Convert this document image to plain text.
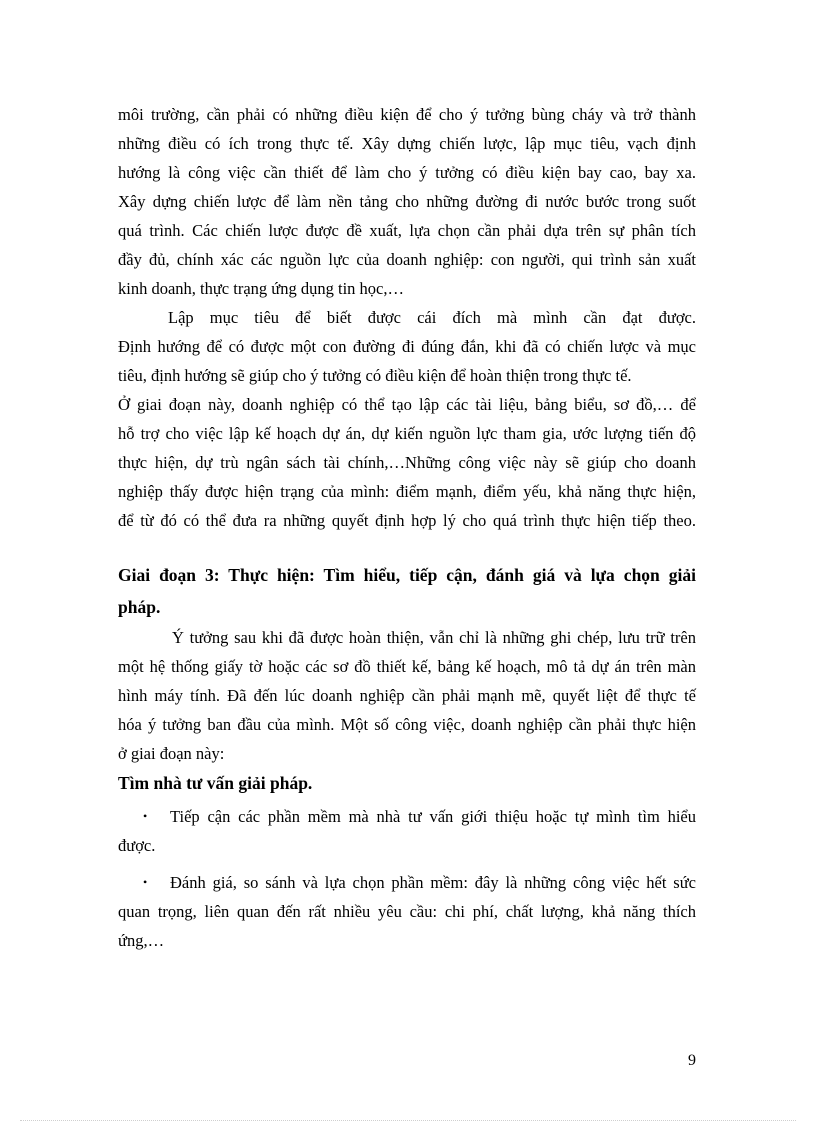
môi trường, cần phải có những điều kiện để cho ý tưởng bùng cháy và trở thành

những điều có ích trong thực tế. Xây dựng chiến lược, lập mục tiêu, vạch định

hướng là công việc cần thiết để làm cho ý tưởng có điều kiện bay cao, bay xa.

Xây dựng chiến lược để làm nền tảng cho những đường đi nước bước trong suốt

quá trình. Các chiến lược được đề xuất, lựa chọn cần phải dựa trên sự phân tích

đầy đủ, chính xác các nguồn lực của doanh nghiệp: con người, qui trình sản xuất

kinh doanh, thực trạng ứng dụng tin học,…

Lập mục tiêu để biết được cái đích mà mình cần đạt được.

Định hướng để có được một con đường đi đúng đắn, khi đã có chiến lược và mục

tiêu, định hướng sẽ giúp cho ý tưởng có điều kiện để hoàn thiện trong thực tế.

Ở giai đoạn này, doanh nghiệp có thể tạo lập các tài liệu, bảng biểu, sơ đồ,… để

hỗ trợ cho việc lập kế hoạch dự án, dự kiến nguồn lực tham gia, ước lượng tiến độ

thực hiện, dự trù ngân sách tài chính,…Những công việc này sẽ giúp cho doanh

nghiệp thấy được hiện trạng của mình: điểm mạnh, điểm yếu, khả năng thực hiện,

để từ đó có thể đưa ra những quyết định hợp lý cho quá trình thực hiện tiếp theo.

Giai đoạn 3: Thực hiện: Tìm hiểu, tiếp cận, đánh giá và lựa chọn giải
pháp.

Ý tưởng sau khi đã được hoàn thiện, vẫn chỉ là những ghi chép, lưu trữ trên

một hệ thống giấy tờ hoặc các sơ đồ thiết kế, bảng kế hoạch, mô tả dự án trên màn

hình máy tính. Đã đến lúc doanh nghiệp cần phải mạnh mẽ, quyết liệt để thực tế

hóa ý tưởng ban đầu của mình. Một số công việc, doanh nghiệp cần phải thực hiện

ở giai đoạn này:

Tìm nhà tư vấn giải pháp.

• Tiếp cận các phần mềm mà nhà tư vấn giới thiệu hoặc tự mình tìm hiểu

được.

• Đánh giá, so sánh và lựa chọn phần mềm: đây là những công việc hết sức

quan trọng, liên quan đến rất nhiều yêu cầu: chi phí, chất lượng, khả năng thích

ứng,…

9
